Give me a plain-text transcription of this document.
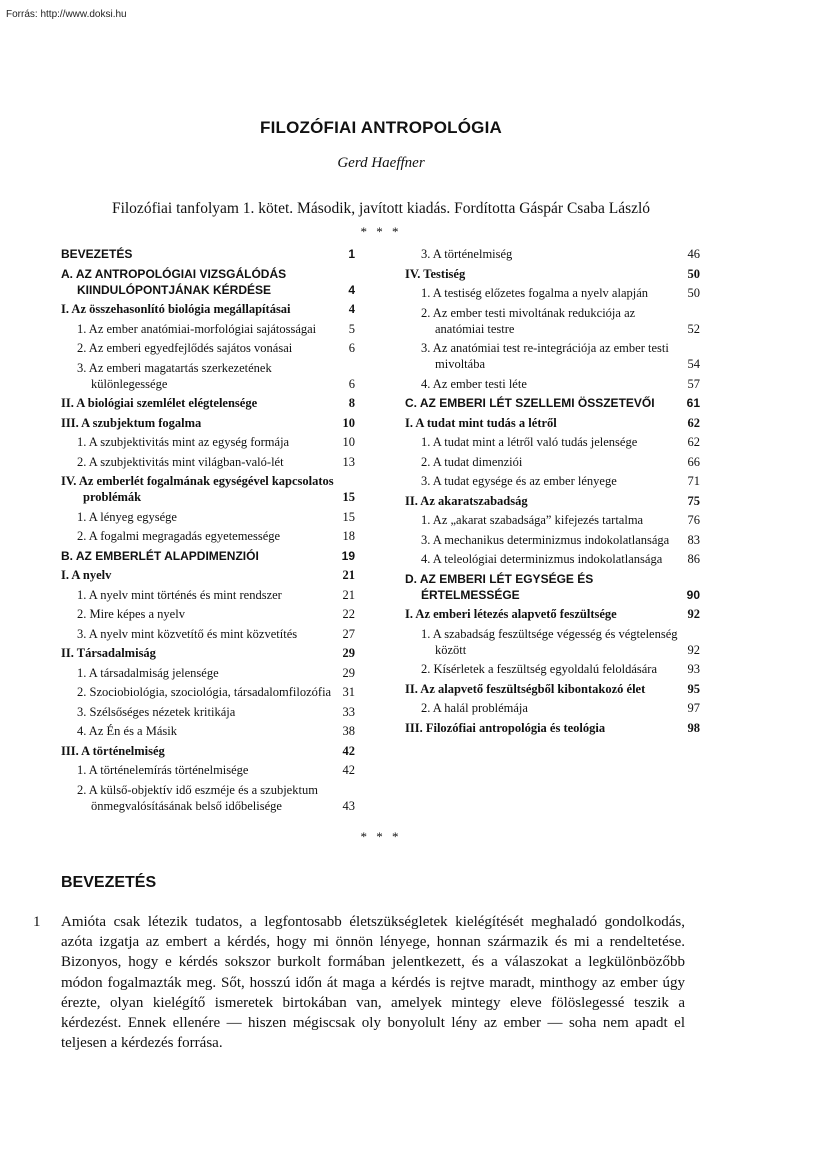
Forrás: http://www.doksi.hu
FILOZÓFIAI ANTROPOLÓGIA
Gerd Haeffner
Filozófiai tanfolyam 1. kötet. Második, javított kiadás. Fordította Gáspár Csaba László
* * *
BEVEZETÉS	1
A. AZ ANTROPOLÓGIAI VIZSGÁLÓDÁS KIINDULÓPONTJÁNAK KÉRDÉSE	4
I. Az összehasonlító biológia megállapításai	4
1. Az ember anatómiai-morfológiai sajátosságai	5
2. Az emberi egyedfejlődés sajátos vonásai	6
3. Az emberi magatartás szerkezetének különlegessége	6
II. A biológiai szemlélet elégtelensége	8
III. A szubjektum fogalma	10
1. A szubjektivitás mint az egység formája	10
2. A szubjektivitás mint világban-való-lét	13
IV. Az emberlét fogalmának egységével kapcsolatos problémák	15
1. A lényeg egysége	15
2. A fogalmi megragadás egyetemessége	18
B. AZ EMBERLÉT ALAPDIMENZIÓI	19
I. A nyelv	21
1. A nyelv mint történés és mint rendszer	21
2. Mire képes a nyelv	22
3. A nyelv mint közvetítő és mint közvetítés	27
II. Társadalmiság	29
1. A társadalmiság jelensége	29
2. Szociobiológia, szociológia, társadalomfilozófia 31
3. Szélsőséges nézetek kritikája	33
4. Az Én és a Másik	38
III. A történelmiség	42
1. A történelemírás történelmisége	42
2. A külső-objektív idő eszméje és a szubjektum önmegvalósításának belső időbelisége	43
3. A történelmiség	46
IV. Testiség	50
1. A testiség előzetes fogalma a nyelv alapján	50
2. Az ember testi mivoltának redukciója az anatómiai testre	52
3. Az anatómiai test re-integrációja az ember testi mivoltába	54
4. Az ember testi léte	57
C. AZ EMBERI LÉT SZELLEMI ÖSSZETEVŐI	61
I. A tudat mint tudás a létről	62
1. A tudat mint a létről való tudás jelensége	62
2. A tudat dimenziói	66
3. A tudat egysége és az ember lényege	71
II. Az akaratszabadság	75
1. Az „akarat szabadsága” kifejezés tartalma	76
3. A mechanikus determinizmus indokolatlansága 83
4. A teleológiai determinizmus indokolatlansága 86
D. AZ EMBERI LÉT EGYSÉGE ÉS ÉRTELMESSÉGE	90
I. Az emberi létezés alapvető feszültsége	92
1. A szabadság feszültsége végesség és végtelenség között	92
2. Kísérletek a feszültség egyoldalú feloldására 93
II. Az alapvető feszültségből kibontakozó élet	95
2. A halál problémája	97
III. Filozófiai antropológia és teológia	98
* * *
BEVEZETÉS
1 Amióta csak létezik tudatos, a legfontosabb életszükségletek kielégítését meghaladó gondolkodás, azóta izgatja az embert a kérdés, hogy mi önnön lényege, honnan származik és mi a rendeltetése. Bizonyos, hogy e kérdés sokszor burkolt formában jelentkezett, és a válaszokat a legkülönbözőbb módon fogalmazták meg. Sőt, hosszú időn át maga a kérdés is rejtve maradt, minthogy az ember úgy érezte, olyan kielégítő ismeretek birtokában van, amelyek mintegy eleve fölöslegessé teszik a kérdezést. Ennek ellenére — hiszen mégiscsak oly bonyolult lény az ember — soha nem apadt el teljesen a kérdezés forrása.
